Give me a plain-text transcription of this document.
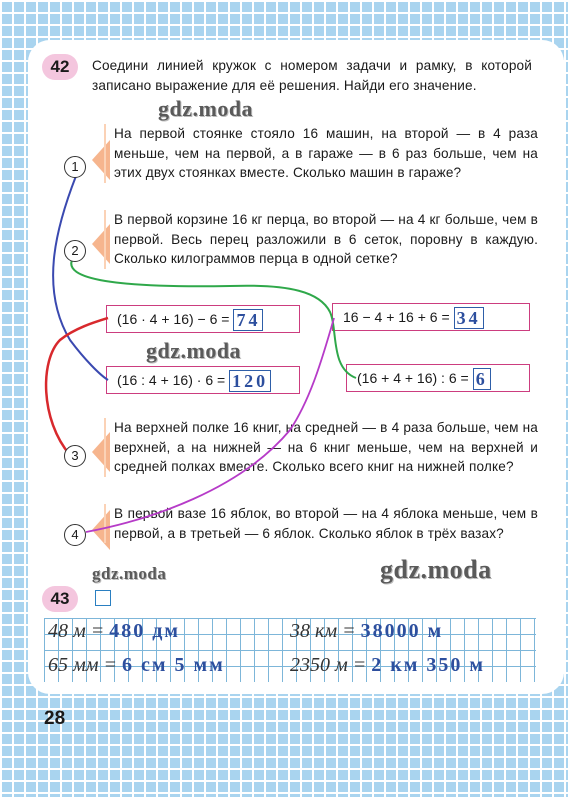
42	Соедини линией кружок с номером задачи и рамку, в которой записано выражение для её решения. Найди его значение.
На первой стоянке стояло 16 машин, на второй — в 4 раза меньше, чем на первой, а в гараже — в 6 раз больше, чем на этих двух стоянках вместе. Сколько машин в гараже?
В первой корзине 16 кг перца, во второй — на 4 кг больше, чем в первой. Весь перец разложили в 6 сеток, поровну в каждую. Сколько килограммов перца в одной сетке?
На верхней полке 16 книг, на средней — в 4 раза больше, чем на верхней, а на нижней — на 6 книг меньше, чем на верхней и средней полках вместе. Сколько всего книг на нижней полке?
В первой вазе 16 яблок, во второй — на 4 яблока меньше, чем в первой, а в третьей — 6 яблок. Сколько яблок в трёх вазах?
(16 · 4 + 16) − 6 = 74	16 − 4 + 16 + 6 = 34
(16 : 4 + 16) · 6 = 120	(16 + 4 + 16) : 6 = 6
1
2
3
4
43
48 м = 480 дм	38 км = 38000 м
65 мм = 6 см 5 мм	2350 м = 2 км 350 м
gdz.moda
gdz.moda
gdz.moda	gdz.moda
28
